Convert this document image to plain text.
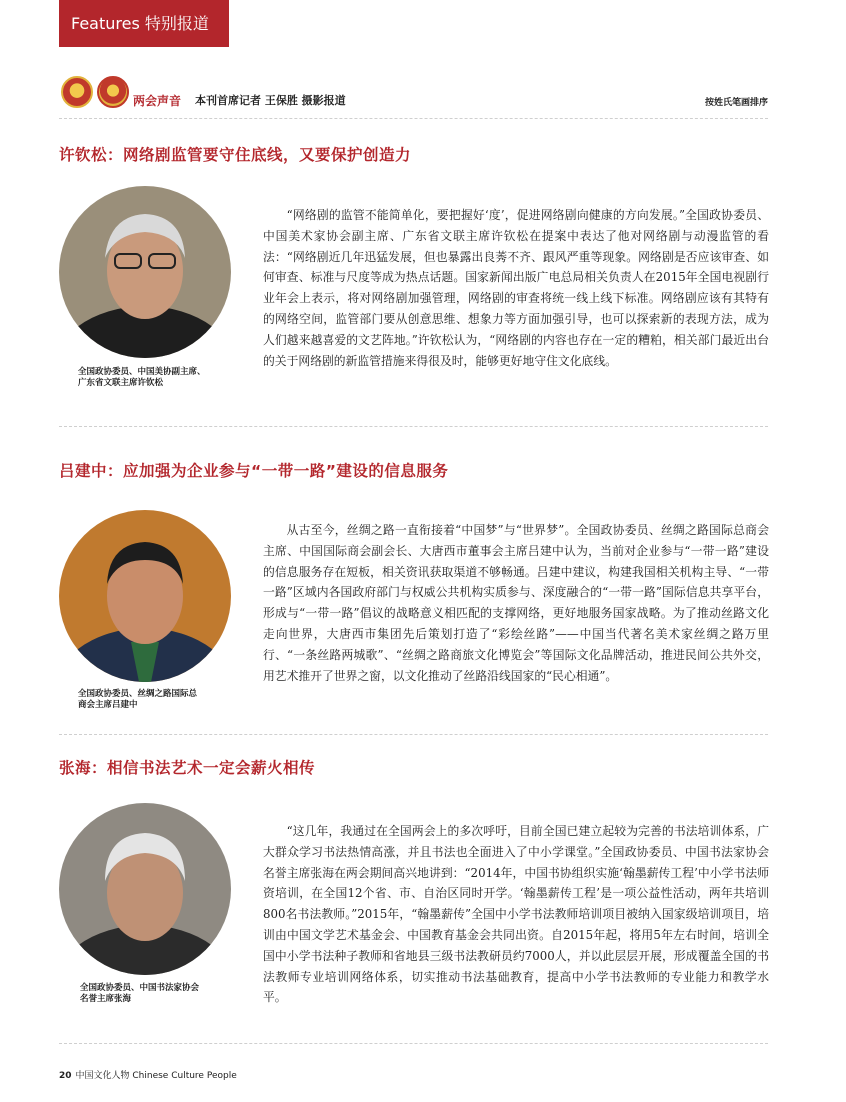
Features 特别报道
两会声音 本刊首席记者 王保胜 摄影报道	按姓氏笔画排序
许钦松：网络剧监管要守住底线，又要保护创造力
全国政协委员、中国美协副主席、
广东省文联主席许钦松
“网络剧的监管不能简单化，要把握好‘度’，促进网络剧向健康的方向发展。”全国政协委员、中国美术家协会副主席、广东省文联主席许钦松在提案中表达了他对网络剧与动漫监管的看法：“网络剧近几年迅猛发展，但也暴露出良莠不齐、跟风严重等现象。网络剧是否应该审查、如何审查、标准与尺度等成为热点话题。国家新闻出版广电总局相关负责人在2015年全国电视剧行业年会上表示，将对网络剧加强管理，网络剧的审查将统一线上线下标准。网络剧应该有其特有的网络空间，监管部门要从创意思维、想象力等方面加强引导，也可以探索新的表现方法，成为人们越来越喜爱的文艺阵地。”许钦松认为，“网络剧的内容也存在一定的糟粕，相关部门最近出台的关于网络剧的新监管措施来得很及时，能够更好地守住文化底线。
吕建中：应加强为企业参与“一带一路”建设的信息服务
全国政协委员、丝绸之路国际总
商会主席吕建中
从古至今，丝绸之路一直衔接着“中国梦”与“世界梦”。全国政协委员、丝绸之路国际总商会主席、中国国际商会副会长、大唐西市董事会主席吕建中认为，当前对企业参与“一带一路”建设的信息服务存在短板，相关资讯获取渠道不够畅通。吕建中建议，构建我国相关机构主导、“一带一路”区域内各国政府部门与权威公共机构实质参与、深度融合的“一带一路”国际信息共享平台，形成与“一带一路”倡议的战略意义相匹配的支撑网络，更好地服务国家战略。为了推动丝路文化走向世界，大唐西市集团先后策划打造了“彩绘丝路”——中国当代著名美术家丝绸之路万里行、“一条丝路两城歌”、“丝绸之路商旅文化博览会”等国际文化品牌活动，推进民间公共外交，用艺术推开了世界之窗，以文化推动了丝路沿线国家的“民心相通”。
张海：相信书法艺术一定会薪火相传
全国政协委员、中国书法家协会
名誉主席张海
“这几年，我通过在全国两会上的多次呼吁，目前全国已建立起较为完善的书法培训体系，广大群众学习书法热情高涨，并且书法也全面进入了中小学课堂。”全国政协委员、中国书法家协会名誉主席张海在两会期间高兴地讲到：“2014年，中国书协组织实施‘翰墨薪传工程’中小学书法师资培训，在全国12个省、市、自治区同时开学。‘翰墨薪传工程’是一项公益性活动，两年共培训800名书法教师。”2015年，“翰墨薪传”全国中小学书法教师培训项目被纳入国家级培训项目，培训由中国文学艺术基金会、中国教育基金会共同出资。自2015年起，将用5年左右时间，培训全国中小学书法种子教师和省地县三级书法教研员约7000人，并以此层层开展，形成覆盖全国的书法教师专业培训网络体系，切实推动书法基础教育，提高中小学书法教师的专业能力和教学水平。
20 中国文化人物 Chinese Culture People
